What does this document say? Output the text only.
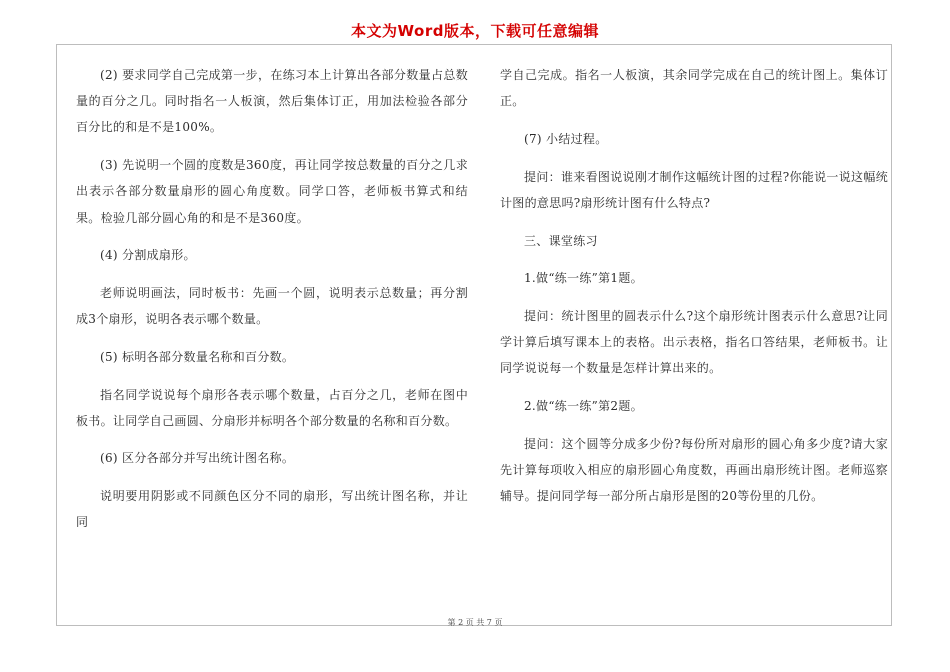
本文为Word版本，下载可任意编辑

(2) 要求同学自己完成第一步，在练习本上计算出各部分数量占总数量的百分之几。同时指名一人板演，然后集体订正，用加法检验各部分百分比的和是不是100%。

(3) 先说明一个圆的度数是360度，再让同学按总数量的百分之几求出表示各部分数量扇形的圆心角度数。同学口答，老师板书算式和结果。检验几部分圆心角的和是不是360度。

(4) 分割成扇形。

老师说明画法，同时板书：先画一个圆，说明表示总数量；再分割成3个扇形，说明各表示哪个数量。

(5) 标明各部分数量名称和百分数。

指名同学说说每个扇形各表示哪个数量，占百分之几，老师在图中板书。让同学自己画圆、分扇形并标明各个部分数量的名称和百分数。

(6) 区分各部分并写出统计图名称。

说明要用阴影或不同颜色区分不同的扇形，写出统计图名称，并让同

学自己完成。指名一人板演，其余同学完成在自己的统计图上。集体订正。

(7) 小结过程。

提问：谁来看图说说刚才制作这幅统计图的过程?你能说一说这幅统计图的意思吗?扇形统计图有什么特点?

三、课堂练习

1.做“练一练”第1题。

提问：统计图里的圆表示什么?这个扇形统计图表示什么意思?让同学计算后填写课本上的表格。出示表格，指名口答结果，老师板书。让同学说说每一个数量是怎样计算出来的。

2.做“练一练”第2题。

提问：这个圆等分成多少份?每份所对扇形的圆心角多少度?请大家先计算每项收入相应的扇形圆心角度数，再画出扇形统计图。老师巡察辅导。提问同学每一部分所占扇形是图的20等份里的几份。

第 2 页 共 7 页
